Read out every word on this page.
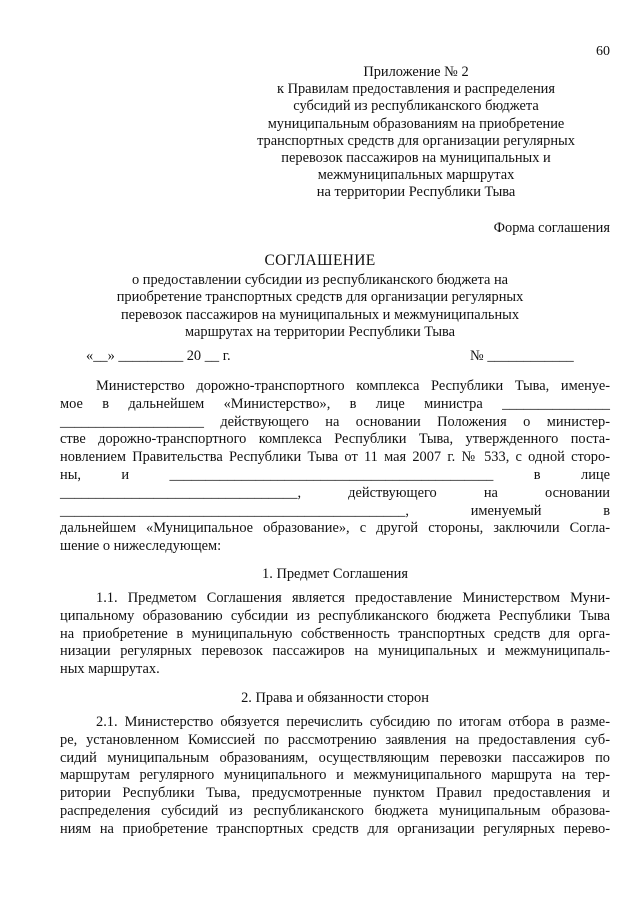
60
Приложение № 2
к Правилам предоставления и распределения
субсидий из республиканского бюджета
муниципальным образованиям на приобретение
транспортных средств для организации регулярных
перевозок пассажиров на муниципальных и
межмуниципальных маршрутах
на территории Республики Тыва
Форма соглашения
СОГЛАШЕНИЕ
о предоставлении субсидии из республиканского бюджета на
приобретение транспортных средств для организации регулярных
перевозок пассажиров на муниципальных и межмуниципальных
маршрутах на территории Республики Тыва
«__» _________ 20 __ г.	№ ____________
Министерство дорожно-транспортного комплекса Республики Тыва, именуе-
мое в дальнейшем «Министерство», в лице министра _______________
____________________ действующего на основании Положения о министер-
стве дорожно-транспортного комплекса Республики Тыва, утвержденного поста-
новлением Правительства Республики Тыва от 11 мая 2007 г. № 533, с одной сторо-
ны, и _____________________________________________ в лице
_________________________________, действующего на основании
________________________________________________, именуемый в
дальнейшем «Муниципальное образование», с другой стороны, заключили Согла-
шение о нижеследующем:
1. Предмет Соглашения
1.1. Предметом Соглашения является предоставление Министерством Муни-
ципальному образованию субсидии из республиканского бюджета Республики Тыва
на приобретение в муниципальную собственность транспортных средств для орга-
низации регулярных перевозок пассажиров на муниципальных и межмуниципаль-
ных маршрутах.
2. Права и обязанности сторон
2.1. Министерство обязуется перечислить субсидию по итогам отбора в разме-
ре, установленном Комиссией по рассмотрению заявления на предоставления суб-
сидий муниципальным образованиям, осуществляющим перевозки пассажиров по
маршрутам регулярного муниципального и межмуниципального маршрута на тер-
ритории Республики Тыва, предусмотренные пунктом Правил предоставления и
распределения субсидий из республиканского бюджета муниципальным образова-
ниям на приобретение транспортных средств для организации регулярных перево-
